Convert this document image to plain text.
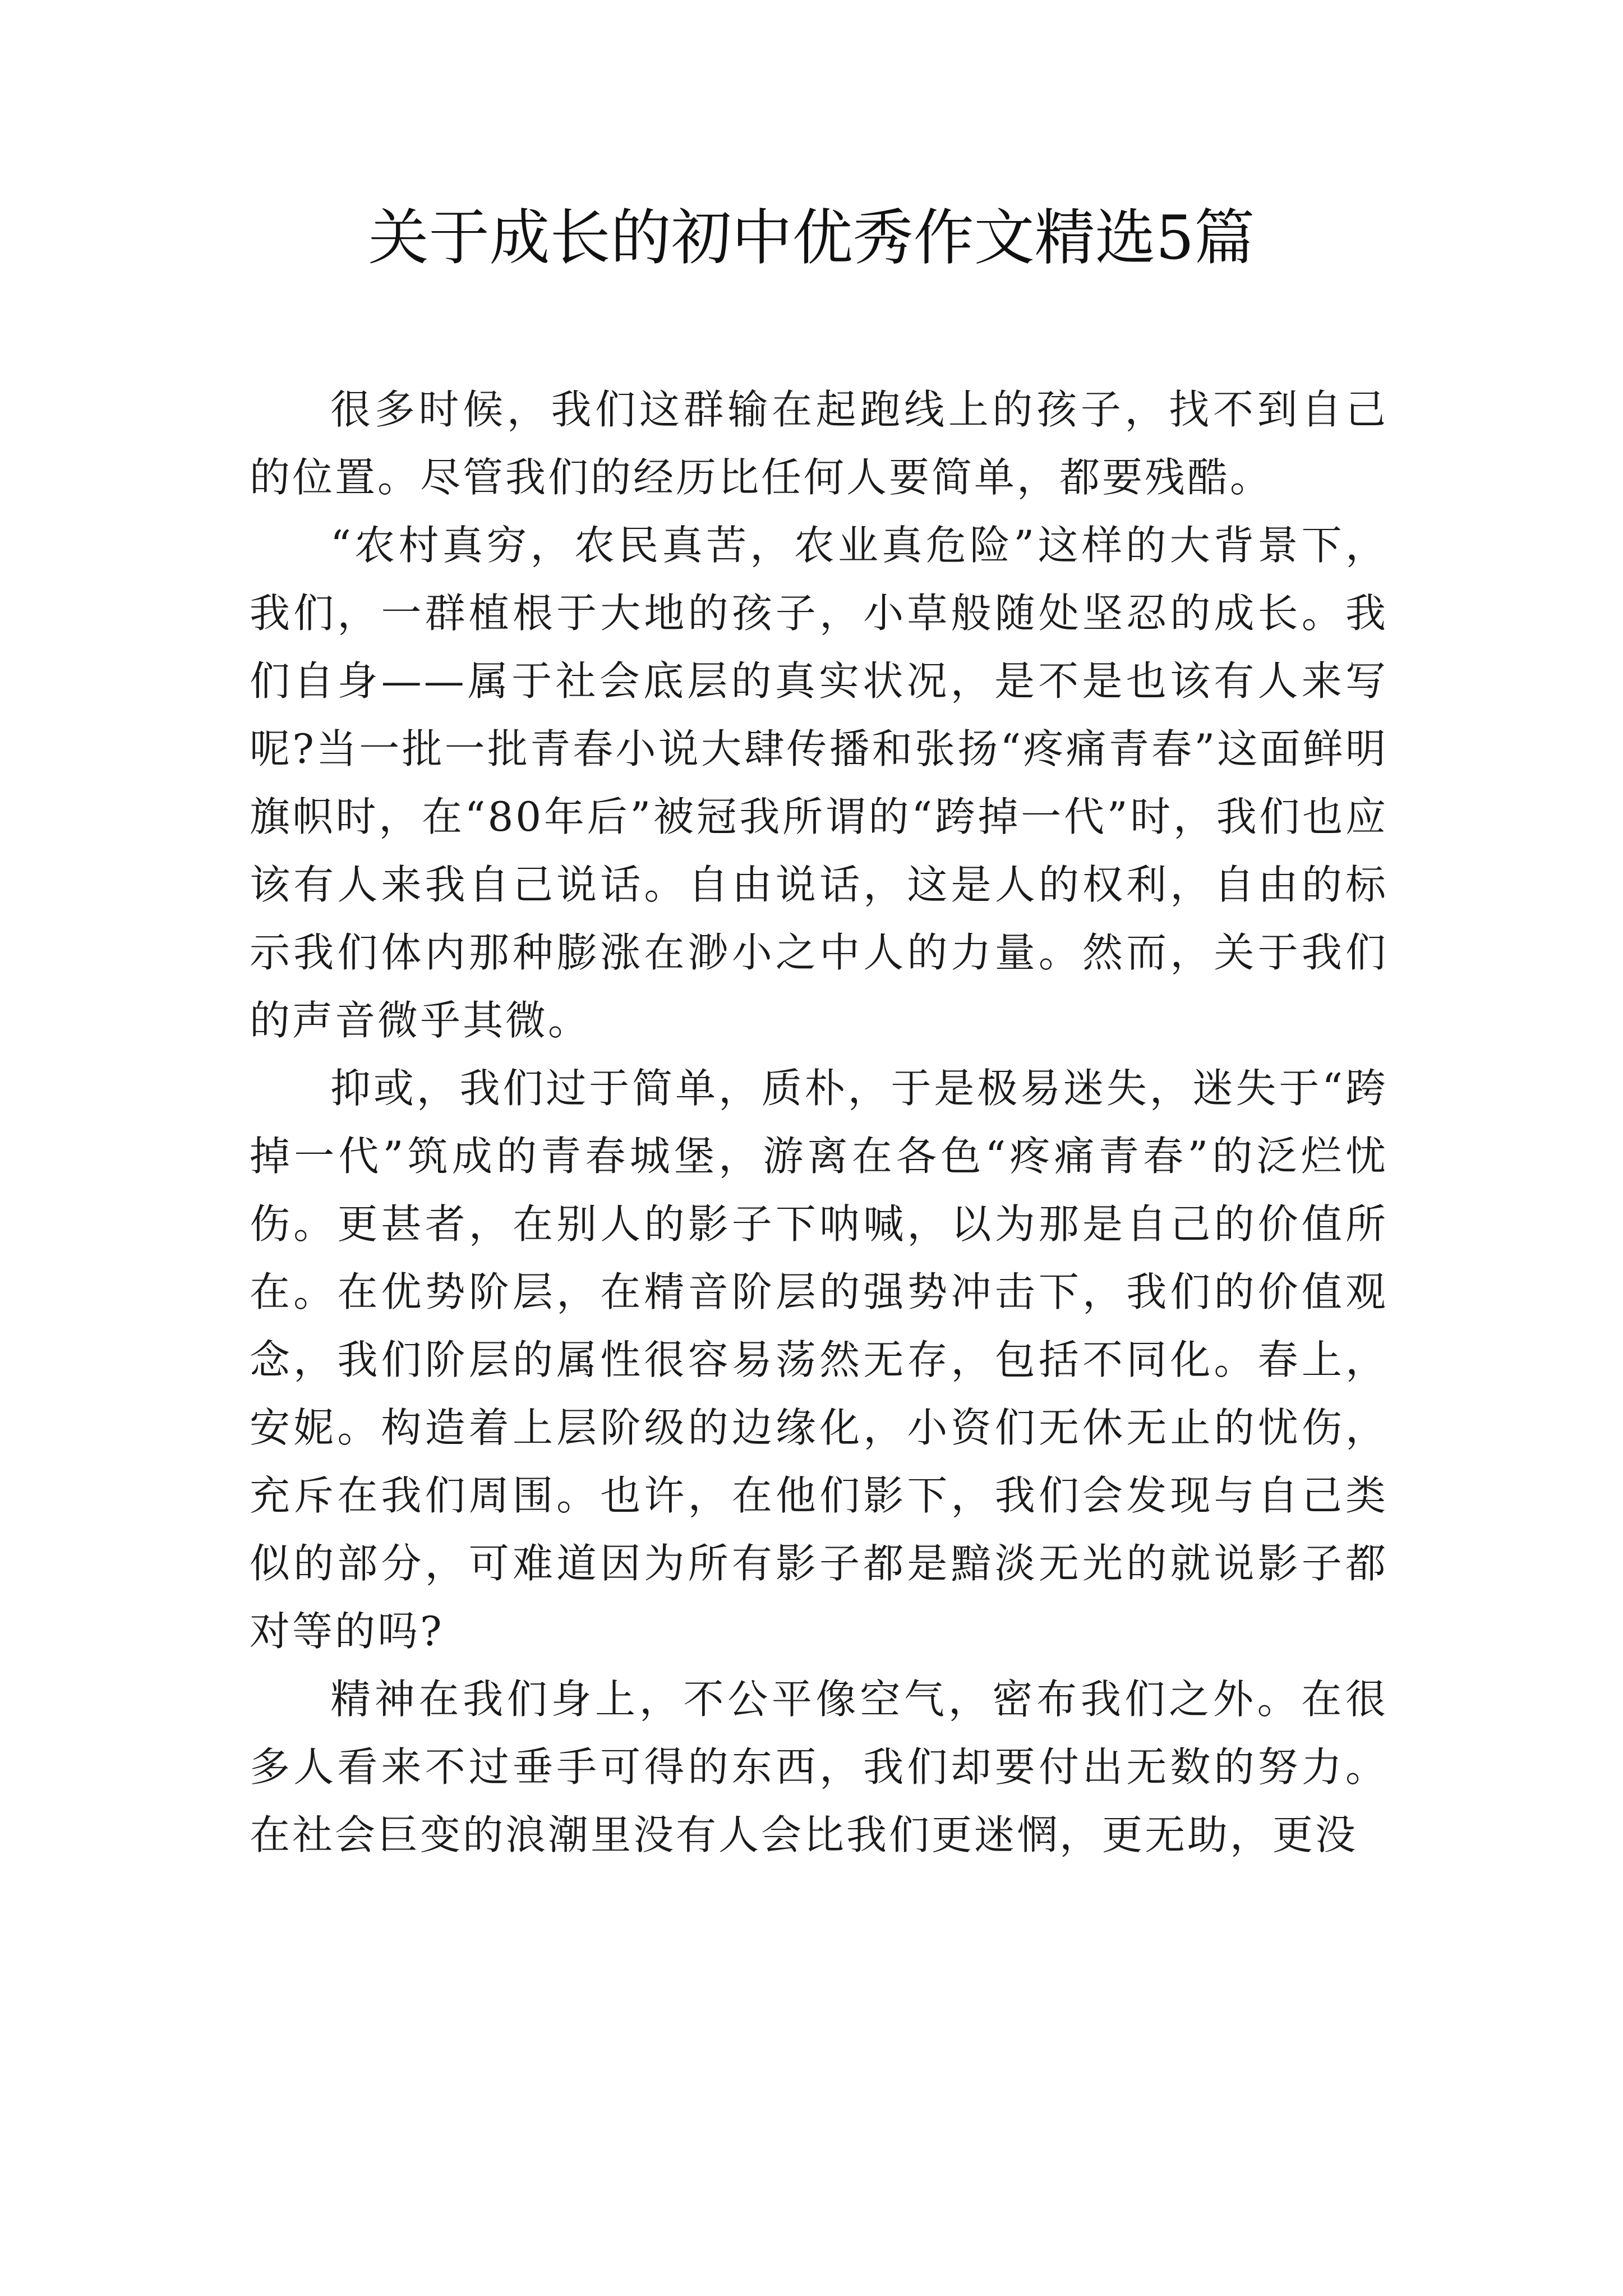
关于成长的初中优秀作文精选5篇

很多时候，我们这群输在起跑线上的孩子，找不到自己的位置。尽管我们的经历比任何人要简单，都要残酷。

“农村真穷，农民真苦，农业真危险”这样的大背景下，我们，一群植根于大地的孩子，小草般随处坚忍的成长。我们自身——属于社会底层的真实状况，是不是也该有人来写呢?当一批一批青春小说大肆传播和张扬“疼痛青春”这面鲜明旗帜时，在“80年后”被冠我所谓的“跨掉一代”时，我们也应该有人来我自己说话。自由说话，这是人的权利，自由的标示我们体内那种膨涨在渺小之中人的力量。然而，关于我们的声音微乎其微。

抑或，我们过于简单，质朴，于是极易迷失，迷失于“跨掉一代”筑成的青春城堡，游离在各色“疼痛青春”的泛烂忧伤。更甚者，在别人的影子下呐喊，以为那是自己的价值所在。在优势阶层，在精音阶层的强势冲击下，我们的价值观念，我们阶层的属性很容易荡然无存，包括不同化。春上，安妮。构造着上层阶级的边缘化，小资们无休无止的忧伤，充斥在我们周围。也许，在他们影下，我们会发现与自己类似的部分，可难道因为所有影子都是黯淡无光的就说影子都对等的吗?

精神在我们身上，不公平像空气，密布我们之外。在很多人看来不过垂手可得的东西，我们却要付出无数的努力。在社会巨变的浪潮里没有人会比我们更迷惘，更无助，更没
